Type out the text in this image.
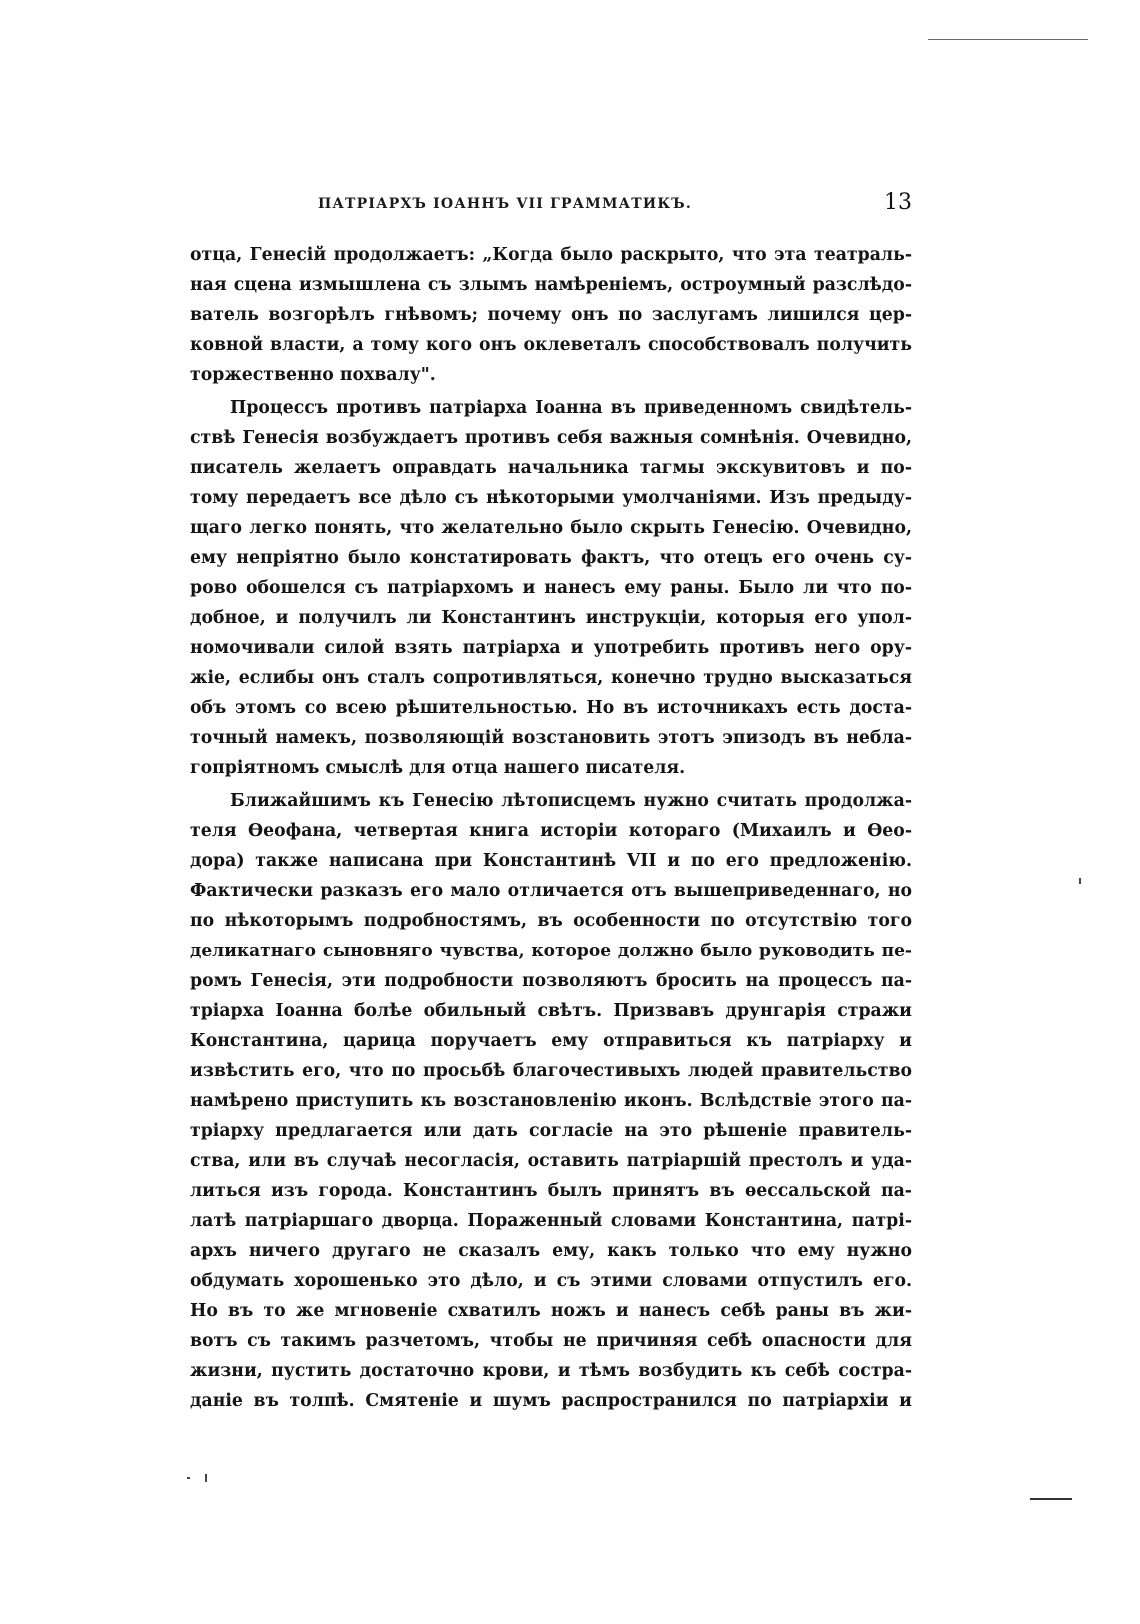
ПАТРІАРХЪ ІОАННЪ VII ГРАММАТИКЪ.	13
отца, Генесій продолжаетъ: „Когда было раскрыто, что эта театраль-
ная сцена измышлена съ злымъ намѣреніемъ, остроумный разслѣдо-
ватель возгорѣлъ гнѣвомъ; почему онъ по заслугамъ лишился цер-
ковной власти, а тому кого онъ оклеветалъ способствовалъ получить
торжественно похвалу".
Процессъ противъ патріарха Іоанна въ приведенномъ свидѣтель-
ствѣ Генесія возбуждаетъ противъ себя важныя сомнѣнія. Очевидно,
писатель желаетъ оправдать начальника тагмы экскувитовъ и по-
тому передаетъ все дѣло съ нѣкоторыми умолчаніями. Изъ предыду-
щаго легко понять, что желательно было скрыть Генесію. Очевидно,
ему непріятно было констатировать фактъ, что отецъ его очень су-
рово обошелся съ патріархомъ и нанесъ ему раны. Было ли что по-
добное, и получилъ ли Константинъ инструкціи, которыя его упол-
номочивали силой взять патріарха и употребить противъ него ору-
жіе, еслибы онъ сталъ сопротивляться, конечно трудно высказаться
объ этомъ со всею рѣшительностью. Но въ источникахъ есть доста-
точный намекъ, позволяющій возстановить этотъ эпизодъ въ небла-
гопріятномъ смыслѣ для отца нашего писателя.
Ближайшимъ къ Генесію лѣтописцемъ нужно считать продолжа-
теля Ѳеофана, четвертая книга исторіи котораго (Михаилъ и Ѳео-
дора) также написана при Константинѣ VII и по его предложенію.
Фактически разказъ его мало отличается отъ вышеприведеннаго, но
по нѣкоторымъ подробностямъ, въ особенности по отсутствію того
деликатнаго сыновняго чувства, которое должно было руководить пе-
ромъ Генесія, эти подробности позволяютъ бросить на процессъ па-
тріарха Іоанна болѣе обильный свѣтъ. Призвавъ друнгарія стражи
Константина, царица поручаетъ ему отправиться къ патріарху и
извѣстить его, что по просьбѣ благочестивыхъ людей правительство
намѣрено приступить къ возстановленію иконъ. Вслѣдствіе этого па-
тріарху предлагается или дать согласіе на это рѣшеніе правитель-
ства, или въ случаѣ несогласія, оставить патріаршій престолъ и уда-
литься изъ города. Константинъ былъ принятъ въ ѳессальской па-
латѣ патріаршаго дворца. Пораженный словами Константина, патрі-
архъ ничего другаго не сказалъ ему, какъ только что ему нужно
обдумать хорошенько это дѣло, и съ этими словами отпустилъ его.
Но въ то же мгновеніе схватилъ ножъ и нанесъ себѣ раны въ жи-
вотъ съ такимъ разчетомъ, чтобы не причиняя себѣ опасности для
жизни, пустить достаточно крови, и тѣмъ возбудить къ себѣ состра-
даніе въ толпѣ. Смятеніе и шумъ распространился по патріархіи и
